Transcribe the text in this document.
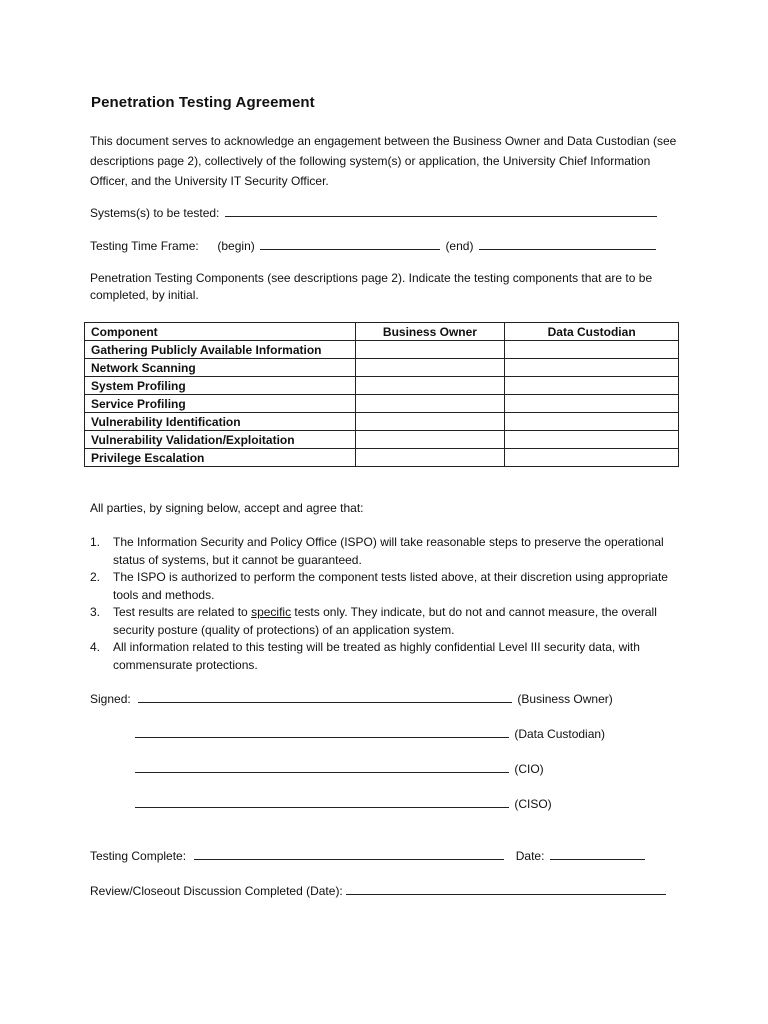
Penetration Testing Agreement
This document serves to acknowledge an engagement between the Business Owner and Data Custodian (see descriptions page 2), collectively of the following system(s) or application, the University Chief Information Officer, and the University IT Security Officer.
Systems(s) to be tested:
Testing Time Frame: (begin)	(end)
Penetration Testing Components (see descriptions page 2). Indicate the testing components that are to be completed, by initial.
Component	Business Owner	Data Custodian
Gathering Publicly Available Information		
Network Scanning		
System Profiling		
Service Profiling		
Vulnerability Identification		
Vulnerability Validation/Exploitation		
Privilege Escalation		
All parties, by signing below, accept and agree that:
1. The Information Security and Policy Office (ISPO) will take reasonable steps to preserve the operational status of systems, but it cannot be guaranteed.
2. The ISPO is authorized to perform the component tests listed above, at their discretion using appropriate tools and methods.
3. Test results are related to specific tests only. They indicate, but do not and cannot measure, the overall security posture (quality of protections) of an application system.
4. All information related to this testing will be treated as highly confidential Level III security data, with commensurate protections.
Signed:	(Business Owner)
(Data Custodian)
(CIO)
(CISO)
Testing Complete:	Date:
Review/Closeout Discussion Completed (Date):
